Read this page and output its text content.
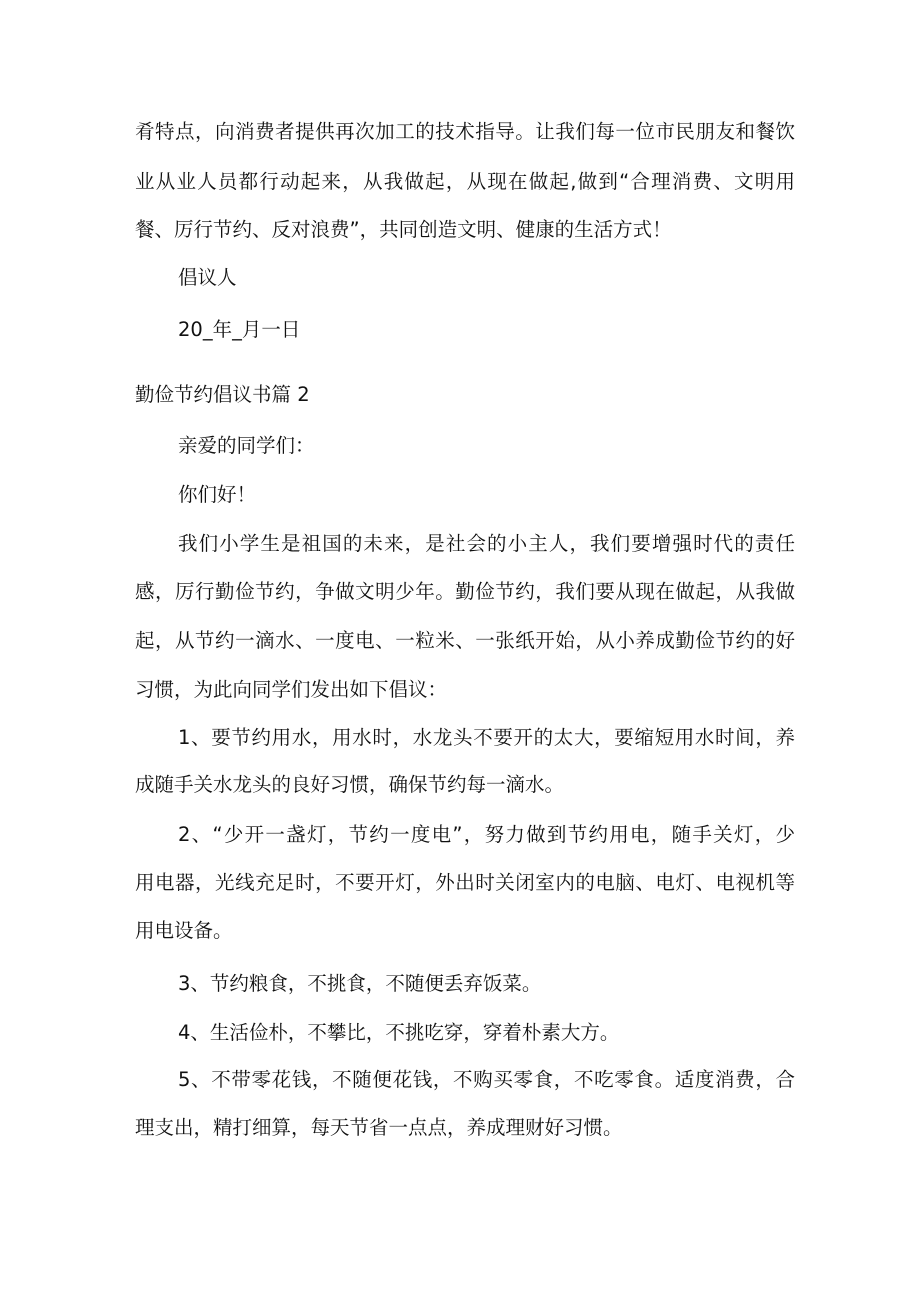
肴特点，向消费者提供再次加工的技术指导。让我们每一位市民朋友和餐饮
业从业人员都行动起来，从我做起，从现在做起,做到“合理消费、文明用
餐、厉行节约、反对浪费”，共同创造文明、健康的生活方式！
倡议人
20_年_月一日
勤俭节约倡议书篇 2
亲爱的同学们：
你们好！
我们小学生是祖国的未来，是社会的小主人，我们要增强时代的责任
感，厉行勤俭节约，争做文明少年。勤俭节约，我们要从现在做起，从我做
起，从节约一滴水、一度电、一粒米、一张纸开始，从小养成勤俭节约的好
习惯，为此向同学们发出如下倡议：
1、要节约用水，用水时，水龙头不要开的太大，要缩短用水时间，养
成随手关水龙头的良好习惯，确保节约每一滴水。
2、“少开一盏灯，节约一度电”，努力做到节约用电，随手关灯，少
用电器，光线充足时，不要开灯，外出时关闭室内的电脑、电灯、电视机等
用电设备。
3、节约粮食，不挑食，不随便丢弃饭菜。
4、生活俭朴，不攀比，不挑吃穿，穿着朴素大方。
5、不带零花钱，不随便花钱，不购买零食，不吃零食。适度消费，合
理支出，精打细算，每天节省一点点，养成理财好习惯。
